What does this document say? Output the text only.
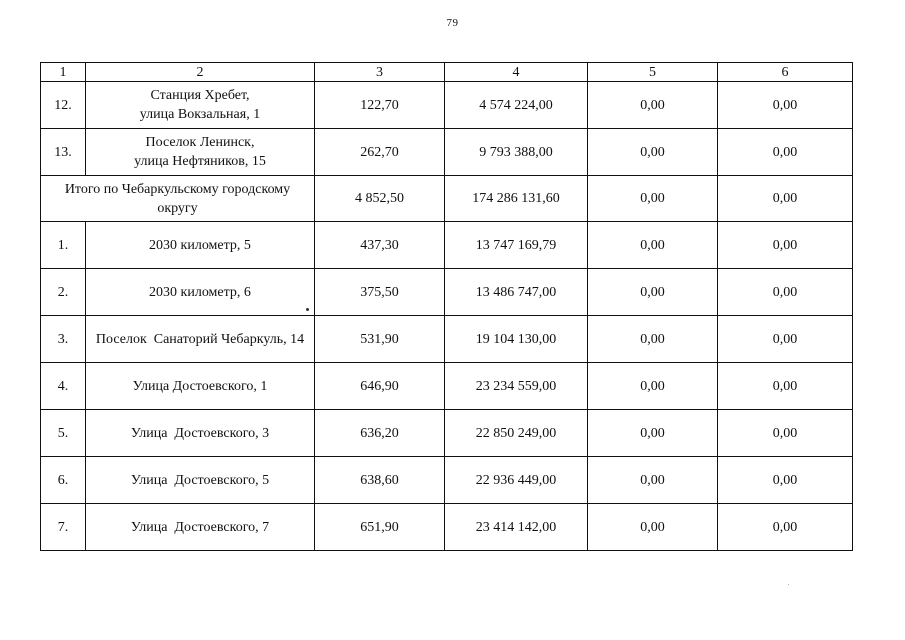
79
1	2	3	4	5	6
12.	Станция Хребет,
улица Вокзальная, 1	122,70	4 574 224,00	0,00	0,00
13.	Поселок Ленинск,
улица Нефтяников, 15	262,70	9 793 388,00	0,00	0,00

Итого по Чебаркульскому городскому
округу		4 852,50	174 286 131,60	0,00	0,00
1.	2030 километр, 5	437,30	13 747 169,79	0,00	0,00
2.	2030 километр, 6	375,50	13 486 747,00	0,00	0,00
3.	Поселок  Санаторий Чебаркуль, 14	531,90	19 104 130,00	0,00	0,00
4.	Улица Достоевского, 1	646,90	23 234 559,00	0,00	0,00
5.	Улица  Достоевского, 3	636,20	22 850 249,00	0,00	0,00
6.	Улица  Достоевского, 5	638,60	22 936 449,00	0,00	0,00
7.	Улица  Достоевского, 7	651,90	23 414 142,00	0,00	0,00
